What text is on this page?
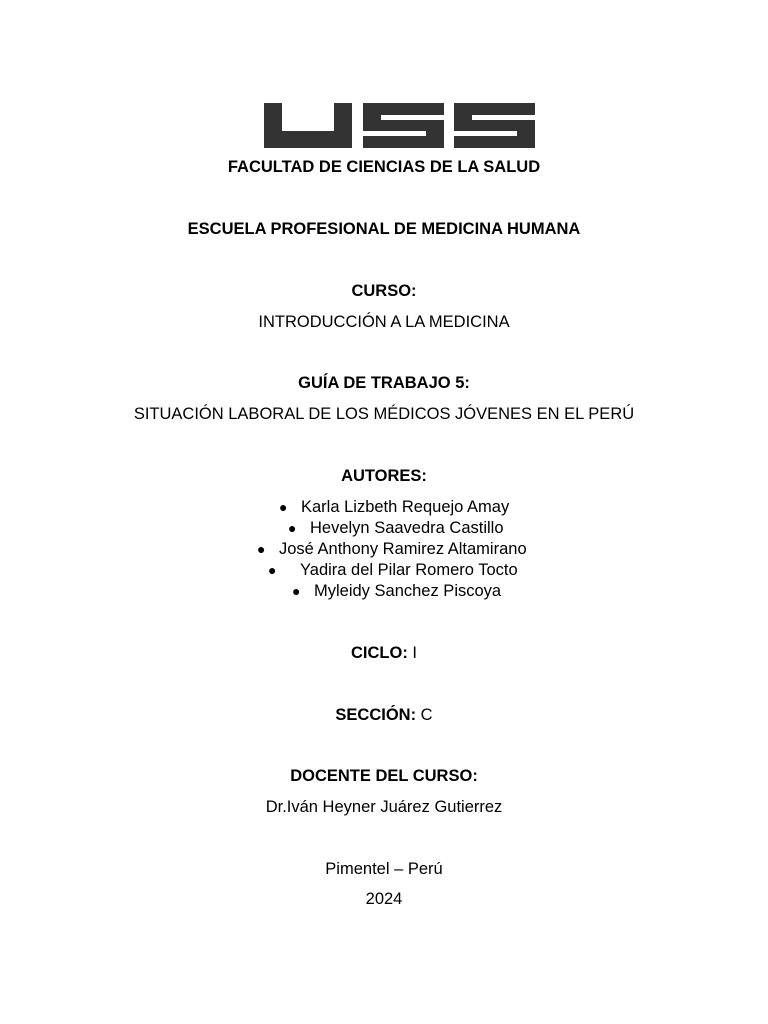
FACULTAD DE CIENCIAS DE LA SALUD
ESCUELA PROFESIONAL DE MEDICINA HUMANA
CURSO:
INTRODUCCIÓN A LA MEDICINA
GUÍA DE TRABAJO 5:
SITUACIÓN LABORAL DE LOS MÉDICOS JÓVENES EN EL PERÚ
AUTORES:
● Karla Lizbeth Requejo Amay
● Hevelyn Saavedra Castillo
● José Anthony Ramirez Altamirano
● Yadira del Pilar Romero Tocto
● Myleidy Sanchez Piscoya
CICLO: I
SECCIÓN: C
DOCENTE DEL CURSO:
Dr.Iván Heyner Juárez Gutierrez
Pimentel – Perú
2024
